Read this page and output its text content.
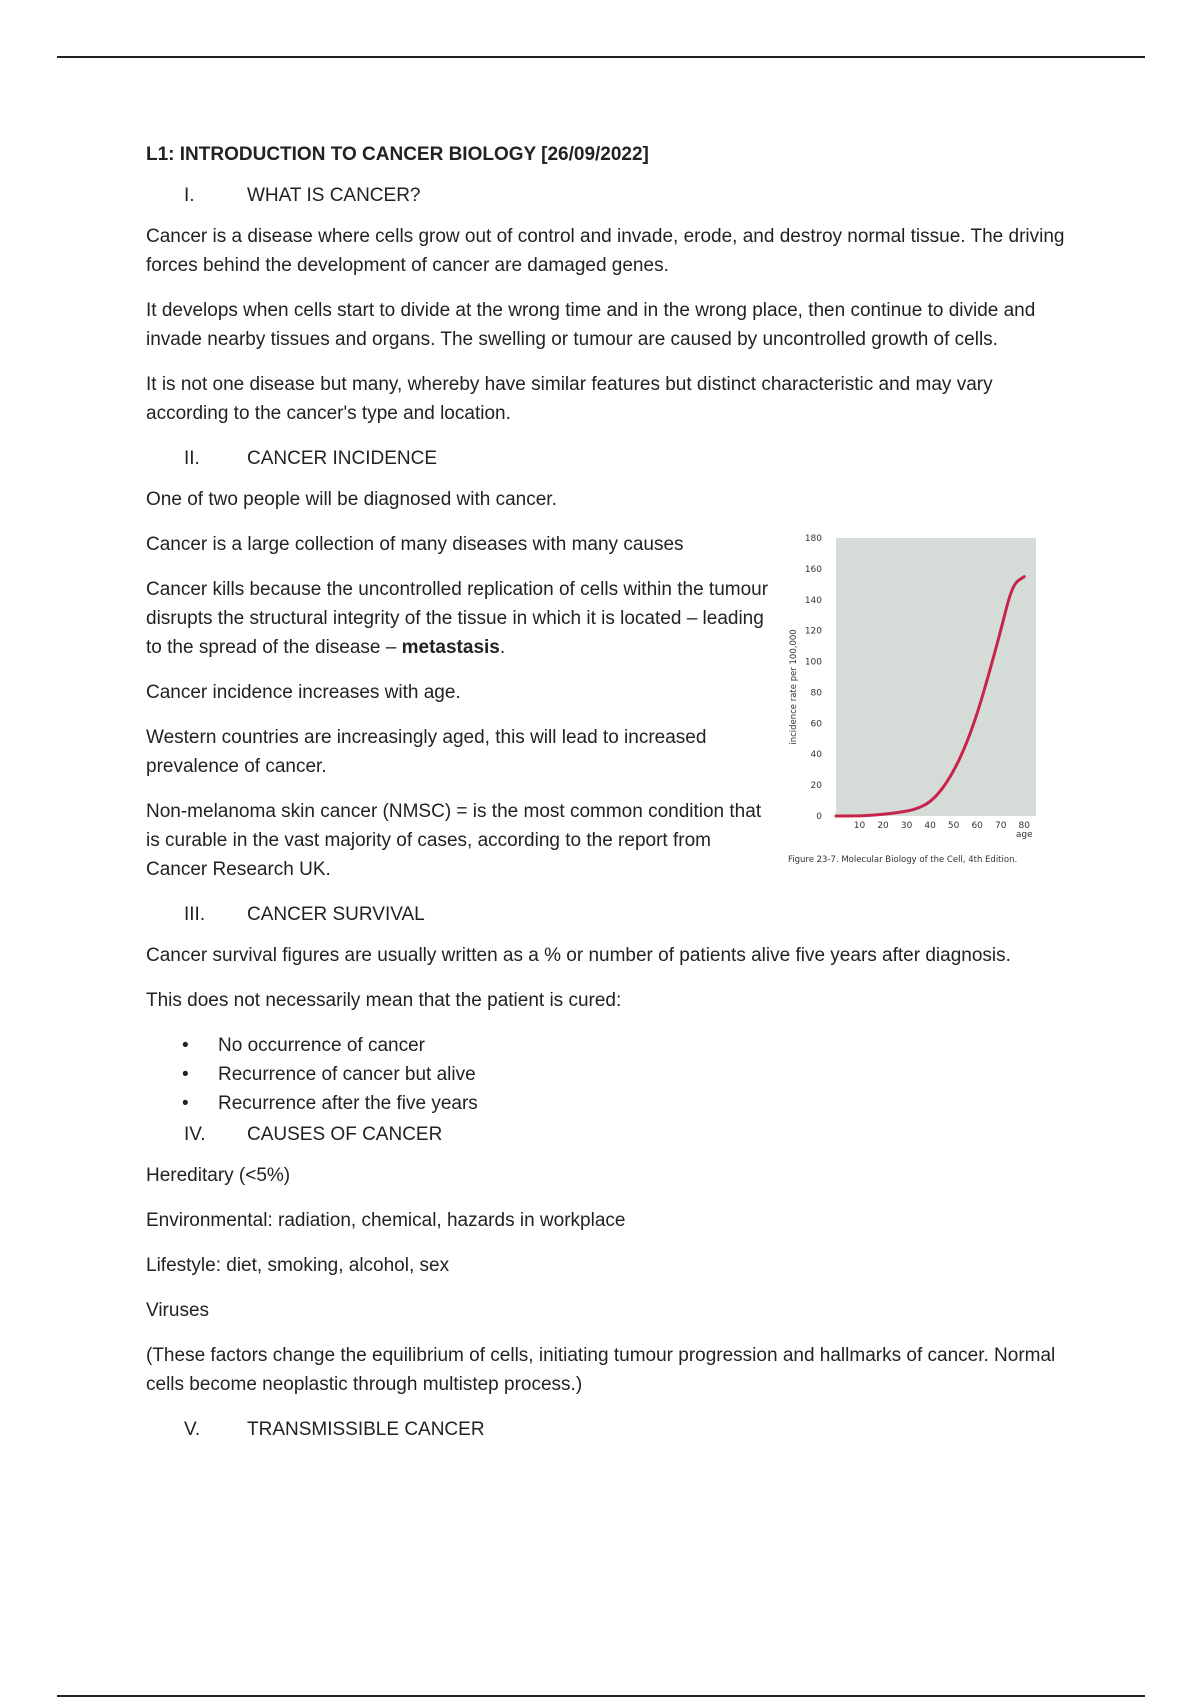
L1: INTRODUCTION TO CANCER BIOLOGY [26/09/2022]
I.	WHAT IS CANCER?

Cancer is a disease where cells grow out of control and invade, erode, and destroy normal tissue. The driving forces behind the development of cancer are damaged genes.

It develops when cells start to divide at the wrong time and in the wrong place, then continue to divide and invade nearby tissues and organs. The swelling or tumour are caused by uncontrolled growth of cells.

It is not one disease but many, whereby have similar features but distinct characteristic and may vary according to the cancer's type and location.

II.	CANCER INCIDENCE

One of two people will be diagnosed with cancer.

Cancer is a large collection of many diseases with many causes

Cancer kills because the uncontrolled replication of cells within the tumour disrupts the structural integrity of the tissue in which it is located – leading to the spread of the disease – metastasis.

Cancer incidence increases with age.

Western countries are increasingly aged, this will lead to increased prevalence of cancer.

Non-melanoma skin cancer (NMSC) = is the most common condition that is curable in the vast majority of cases, according to the report from Cancer Research UK.

0
20
40
60
80
100
120
140
160
180
10 20 30 40 50 60 70 80
age
incidence rate per 100,000
Figure 23-7. Molecular Biology of the Cell, 4th Edition.
III.	CANCER SURVIVAL

Cancer survival figures are usually written as a % or number of patients alive five years after diagnosis.

This does not necessarily mean that the patient is cured:

•	No occurrence of cancer
•	Recurrence of cancer but alive
•	Recurrence after the five years
IV.	CAUSES OF CANCER

Hereditary (<5%)

Environmental: radiation, chemical, hazards in workplace

Lifestyle: diet, smoking, alcohol, sex

Viruses

(These factors change the equilibrium of cells, initiating tumour progression and hallmarks of cancer. Normal cells become neoplastic through multistep process.)

V.	TRANSMISSIBLE CANCER
